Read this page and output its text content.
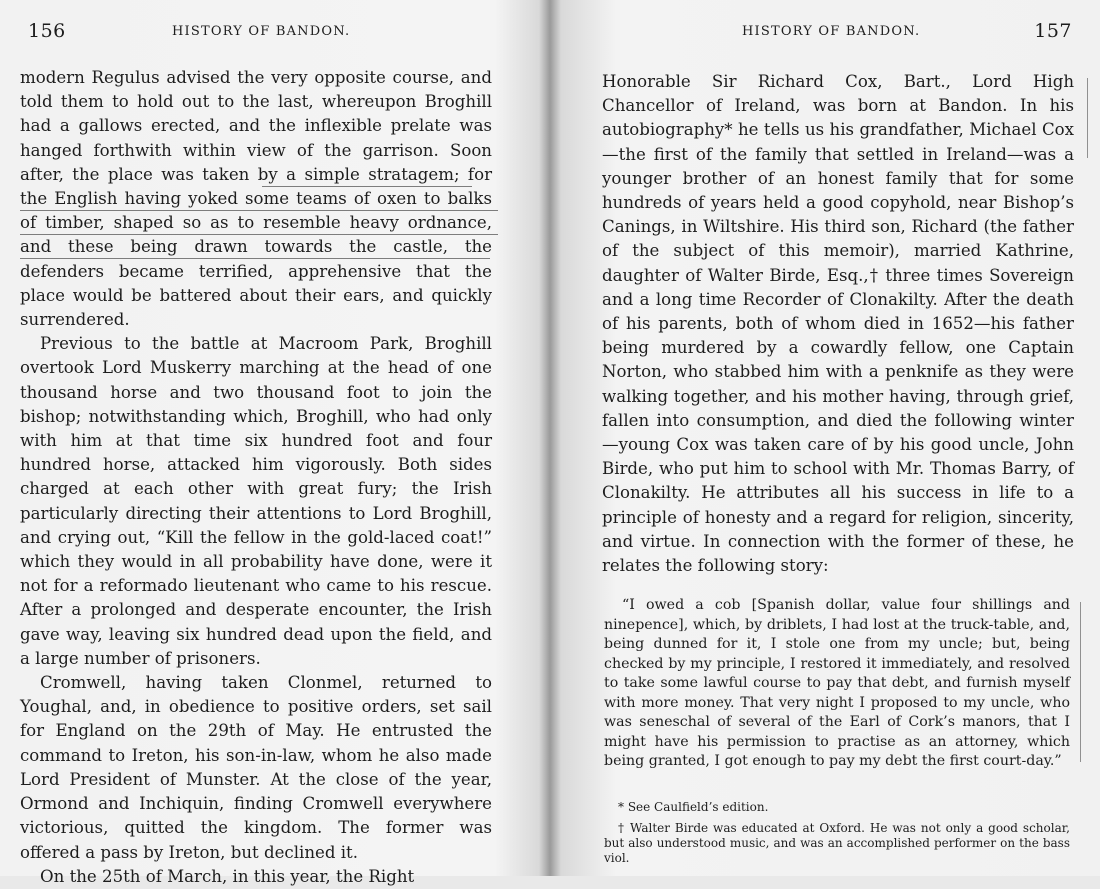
156	HISTORY OF BANDON.

modern Regulus advised the very opposite course, and told them to hold out to the last, whereupon Broghill had a gallows erected, and the inflexible prelate was hanged forthwith within view of the garrison. Soon after, the place was taken by a simple stratagem; for the English having yoked some teams of oxen to balks of timber, shaped so as to resemble heavy ordnance, and these being drawn towards the castle, the defenders became terrified, apprehensive that the place would be battered about their ears, and quickly surrendered.

Previous to the battle at Macroom Park, Broghill overtook Lord Muskerry marching at the head of one thousand horse and two thousand foot to join the bishop; notwithstanding which, Broghill, who had only with him at that time six hundred foot and four hundred horse, attacked him vigorously. Both sides charged at each other with great fury; the Irish particularly directing their attentions to Lord Broghill, and crying out, “Kill the fellow in the gold-laced coat!” which they would in all probability have done, were it not for a reformado lieutenant who came to his rescue. After a prolonged and desperate encounter, the Irish gave way, leaving six hundred dead upon the field, and a large number of prisoners.

Cromwell, having taken Clonmel, returned to Youghal, and, in obedience to positive orders, set sail for England on the 29th of May. He entrusted the command to Ireton, his son-in-law, whom he also made Lord President of Munster. At the close of the year, Ormond and Inchiquin, finding Cromwell everywhere victorious, quitted the kingdom. The former was offered a pass by Ireton, but declined it.

On the 25th of March, in this year, the Right

HISTORY OF BANDON.	157

Honorable Sir Richard Cox, Bart., Lord High Chancellor of Ireland, was born at Bandon. In his autobiography* he tells us his grandfather, Michael Cox—the first of the family that settled in Ireland—was a younger brother of an honest family that for some hundreds of years held a good copyhold, near Bishop’s Canings, in Wiltshire. His third son, Richard (the father of the subject of this memoir), married Kathrine, daughter of Walter Birde, Esq.,† three times Sovereign and a long time Recorder of Clonakilty. After the death of his parents, both of whom died in 1652—his father being murdered by a cowardly fellow, one Captain Norton, who stabbed him with a penknife as they were walking together, and his mother having, through grief, fallen into consumption, and died the following winter—young Cox was taken care of by his good uncle, John Birde, who put him to school with Mr. Thomas Barry, of Clonakilty. He attributes all his success in life to a principle of honesty and a regard for religion, sincerity, and virtue. In connection with the former of these, he relates the following story:

“I owed a cob [Spanish dollar, value four shillings and ninepence], which, by driblets, I had lost at the truck-table, and, being dunned for it, I stole one from my uncle; but, being checked by my principle, I restored it immediately, and resolved to take some lawful course to pay that debt, and furnish myself with more money. That very night I proposed to my uncle, who was seneschal of several of the Earl of Cork’s manors, that I might have his permission to practise as an attorney, which being granted, I got enough to pay my debt the first court-day.”

* See Caulfield’s edition.

† Walter Birde was educated at Oxford. He was not only a good scholar, but also understood music, and was an accomplished performer on the bass viol.
